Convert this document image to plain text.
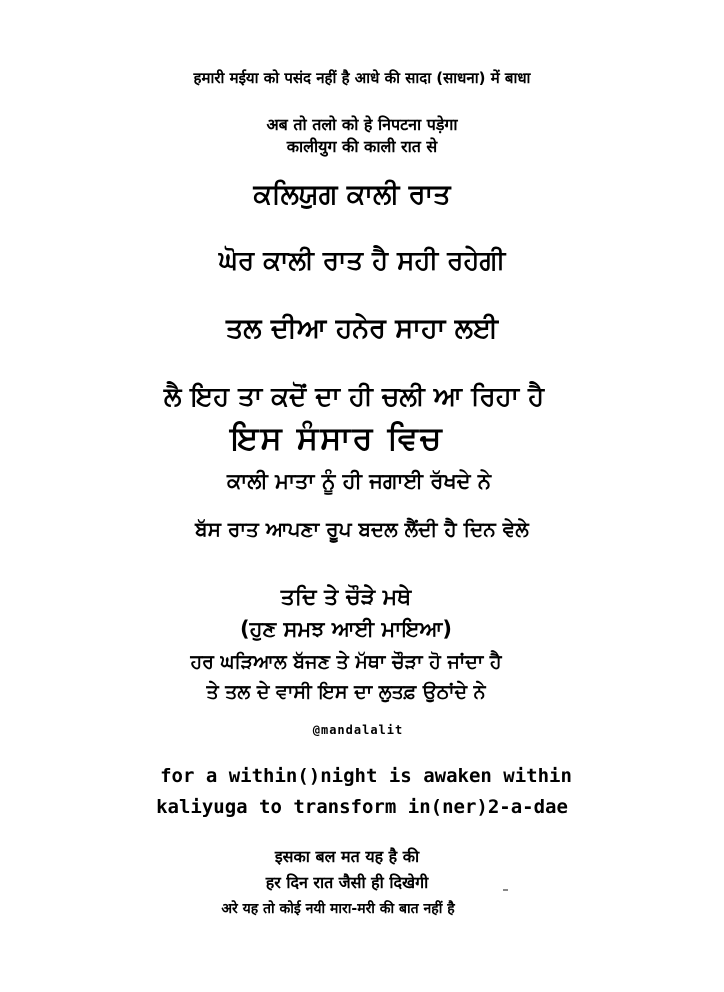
हमारी मईया को पसंद नहीं है आधे की सादा (साधना) में बाधा

अब तो तलो को हे निपटना पड़ेगा

कालीयुग की काली रात से

ਕਲਿਯੁਗ ਕਾਲੀ ਰਾਤ

ਘੋਰ ਕਾਲੀ ਰਾਤ ਹੈ ਸਹੀ ਰਹੇਗੀ

ਤਲ ਦੀਆ ਹਨੇਰ ਸਾਹਾ ਲਈ

ਲੈ ਇਹ ਤਾ ਕਦੋਂ ਦਾ ਹੀ ਚਲੀ ਆ ਰਿਹਾ ਹੈ

ਇਸ ਸੰਸਾਰ ਵਿਚ

ਕਾਲੀ ਮਾਤਾ ਨੂੰ ਹੀ ਜਗਾਈ ਰੱਖਦੇ ਨੇ

ਬੱਸ ਰਾਤ ਆਪਣਾ ਰੂਪ ਬਦਲ ਲੈਂਦੀ ਹੈ ਦਿਨ ਵੇਲੇ

ਤਦਿ ਤੇ ਚੌੜੇ ਮਥੇ

(ਹੁਣ ਸਮਝ ਆਈ ਮਾਇਆ)

ਹਰ ਘੜਿਆਲ ਬੱਜਣ ਤੇ ਮੱਥਾ ਚੌੜਾ ਹੋ ਜਾਂਦਾ ਹੈ

ਤੇ ਤਲ ਦੇ ਵਾਸੀ ਇਸ ਦਾ ਲੁਤਫ਼ ਉਠਾਂਦੇ ਨੇ

@mandalalit

for a within()night is awaken within

kaliyuga to transform in(ner)2-a-dae

इसका बल मत यह है की

हर दिन रात जैसी ही दिखेगी

अरे यह तो कोई नयी मारा-मरी की बात नहीं है
